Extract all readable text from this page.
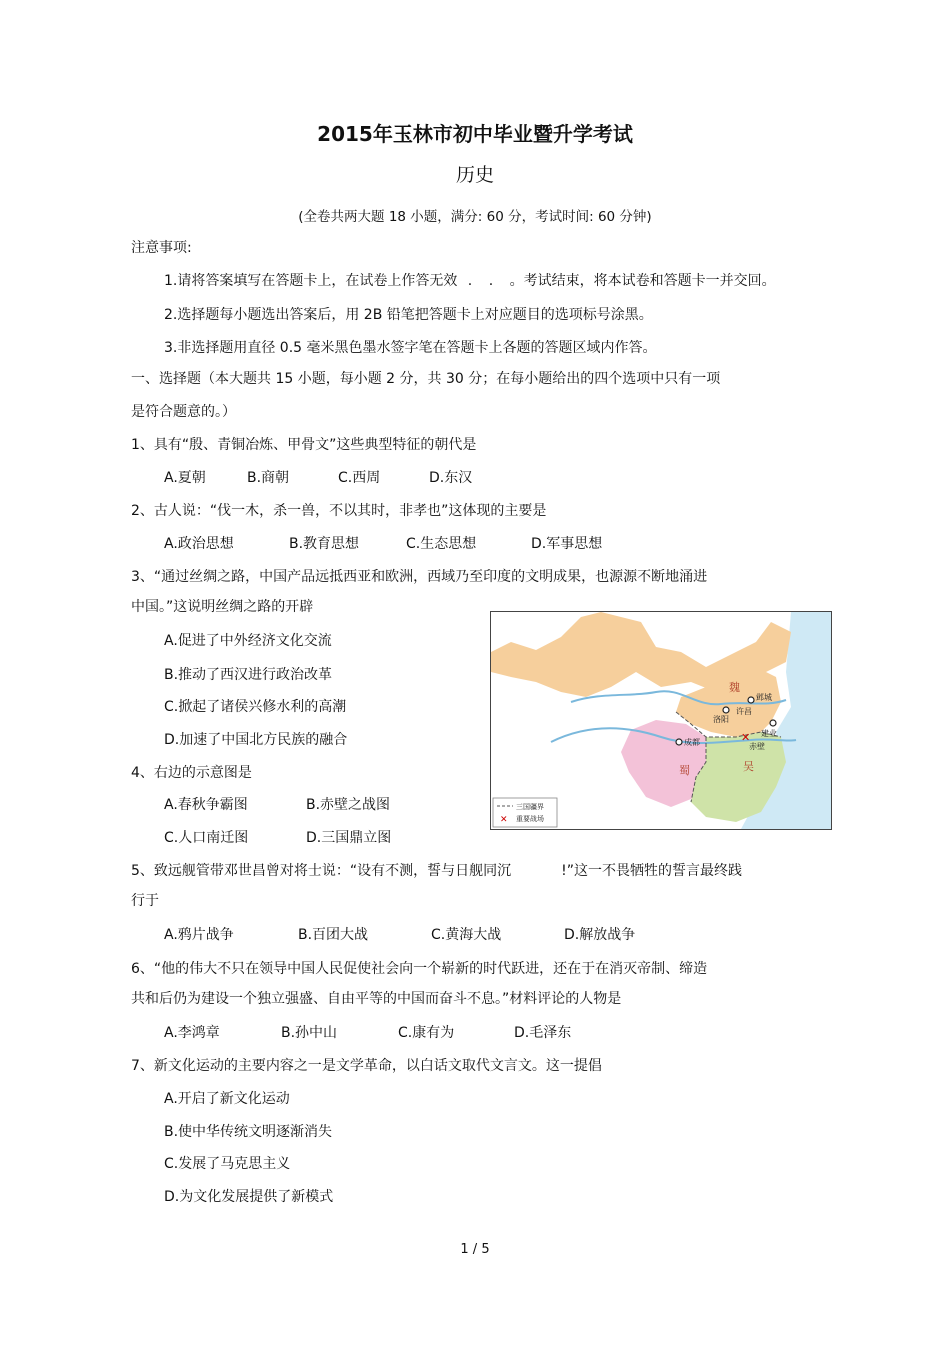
2015年玉林市初中毕业暨升学考试
历史
(全卷共两大题 18 小题，满分: 60 分，考试时间: 60 分钟)
注意事项:
1.请将答案填写在答题卡上，在试卷上作答无效 . . 。考试结束，将本试卷和答题卡一并交回。
2.选择题每小题选出答案后，用 2B 铅笔把答题卡上对应题目的选项标号涂黑。
3.非选择题用直径 0.5 毫米黑色墨水签字笔在答题卡上各题的答题区域内作答。
一、选择题（本大题共 15 小题，每小题 2 分，共 30 分；在每小题给出的四个选项中只有一项
是符合题意的。）
1、具有“殷、青铜冶炼、甲骨文”这些典型特征的朝代是
A.夏朝	B.商朝	C.西周	D.东汉
2、古人说：“伐一木，杀一兽，不以其时，非孝也”这体现的主要是
A.政治思想	B.教育思想	C.生态思想	D.军事思想
3、“通过丝绸之路，中国产品远抵西亚和欧洲，西域乃至印度的文明成果，也源源不断地涌进
中国。”这说明丝绸之路的开辟
A.促进了中外经济文化交流
B.推动了西汉进行政治改革
C.掀起了诸侯兴修水利的高潮
D.加速了中国北方民族的融合
4、右边的示意图是
A.春秋争霸图	B.赤壁之战图
C.人口南迁图	D.三国鼎立图
✕
魏
蜀	吴
洛阳
许昌
邺城
成都
建业
赤壁
三国疆界
✕ 重要战场
5、致远舰管带邓世昌曾对将士说：“设有不测，誓与日舰同沉	!”这一不畏牺牲的誓言最终践
行于
A.鸦片战争	B.百团大战	C.黄海大战	D.解放战争
6、“他的伟大不只在领导中国人民促使社会向一个崭新的时代跃进，还在于在消灭帝制、缔造
共和后仍为建设一个独立强盛、自由平等的中国而奋斗不息。”材料评论的人物是
A.李鸿章	B.孙中山	C.康有为	D.毛泽东
7、新文化运动的主要内容之一是文学革命，以白话文取代文言文。这一提倡
A.开启了新文化运动
B.使中华传统文明逐渐消失
C.发展了马克思主义
D.为文化发展提供了新模式
1 / 5
